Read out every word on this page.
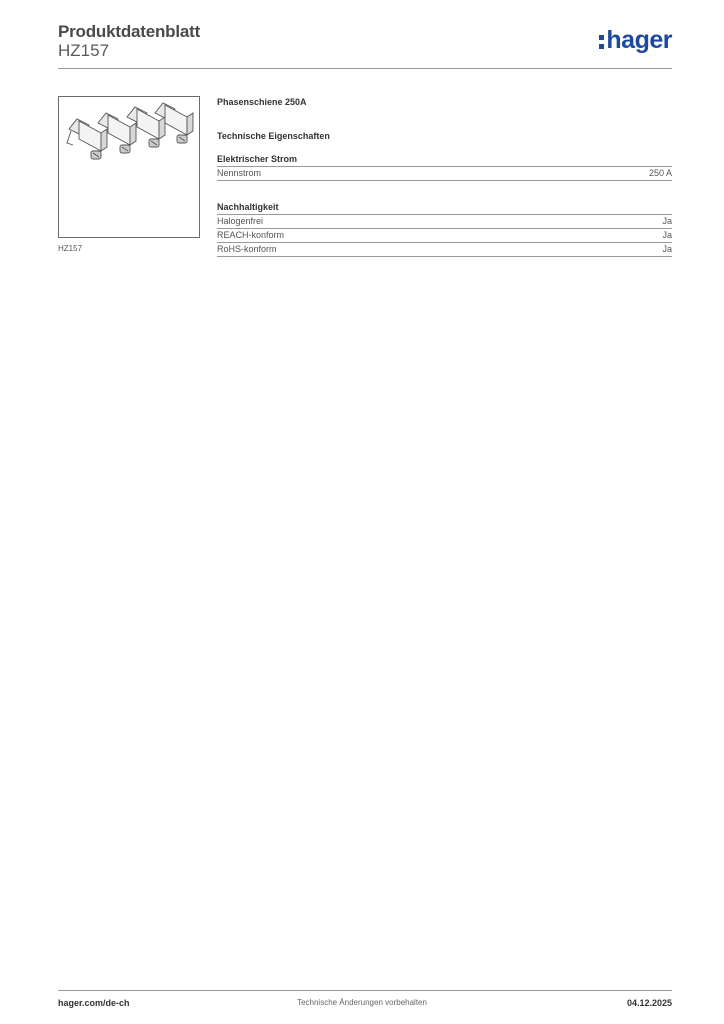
Produktdatenblatt
HZ157	hager
HZ157
Phasenschiene 250A
Technische Eigenschaften
Elektrischer Strom
Nennstrom	250 A
Nachhaltigkeit
Halogenfrei	Ja
REACH-konform	Ja
RoHS-konform	Ja
hager.com/de-ch	Technische Änderungen vorbehalten	04.12.2025
